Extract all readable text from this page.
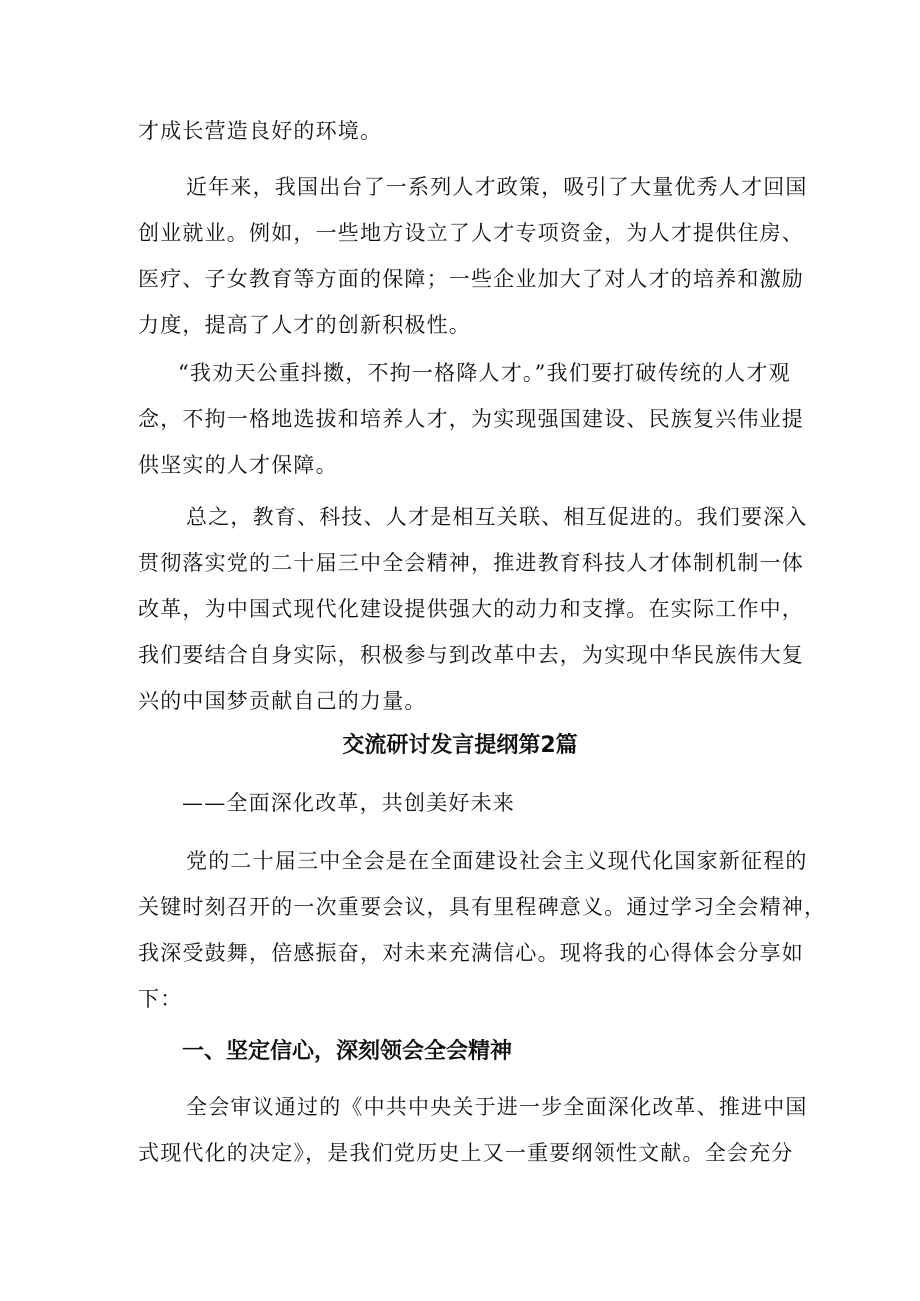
才成长营造良好的环境。

近年来，我国出台了一系列人才政策，吸引了大量优秀人才回国
创业就业。例如，一些地方设立了人才专项资金，为人才提供住房、
医疗、子女教育等方面的保障；一些企业加大了对人才的培养和激励
力度，提高了人才的创新积极性。

“我劝天公重抖擞，不拘一格降人才。”我们要打破传统的人才观
念，不拘一格地选拔和培养人才，为实现强国建设、民族复兴伟业提
供坚实的人才保障。

总之，教育、科技、人才是相互关联、相互促进的。我们要深入
贯彻落实党的二十届三中全会精神，推进教育科技人才体制机制一体
改革，为中国式现代化建设提供强大的动力和支撑。在实际工作中，
我们要结合自身实际，积极参与到改革中去，为实现中华民族伟大复
兴的中国梦贡献自己的力量。

交流研讨发言提纲第2篇

——全面深化改革，共创美好未来

党的二十届三中全会是在全面建设社会主义现代化国家新征程的
关键时刻召开的一次重要会议，具有里程碑意义。通过学习全会精神，
我深受鼓舞，倍感振奋，对未来充满信心。现将我的心得体会分享如
下：

一、坚定信心，深刻领会全会精神

全会审议通过的《中共中央关于进一步全面深化改革、推进中国
式现代化的决定》，是我们党历史上又一重要纲领性文献。全会充分
